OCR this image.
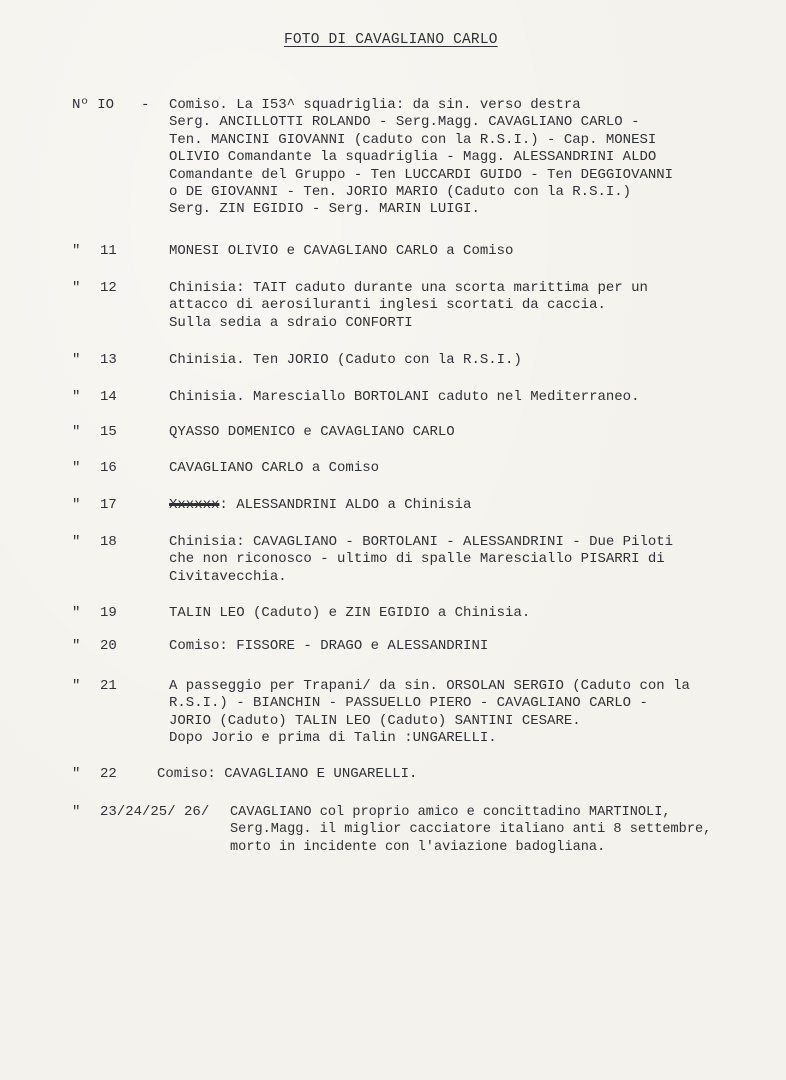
FOTO DI CAVAGLIANO CARLO
Nº IO - Comiso. La I53^ squadriglia: da sin. verso destra
Serg. ANCILLOTTI ROLANDO - Serg.Magg. CAVAGLIANO CARLO -
Ten. MANCINI GIOVANNI (caduto con la R.S.I.) - Cap. MONESI
OLIVIO Comandante la squadriglia - Magg. ALESSANDRINI ALDO
Comandante del Gruppo - Ten LUCCARDI GUIDO - Ten DEGGIOVANNI
o DE GIOVANNI - Ten. JORIO MARIO (Caduto con la R.S.I.)
Serg. ZIN EGIDIO - Serg. MARIN LUIGI.
" 11	MONESI OLIVIO e CAVAGLIANO CARLO a Comiso
" 12	Chinisia: TAIT caduto durante una scorta marittima per un
attacco di aerosiluranti inglesi scortati da caccia.
Sulla sedia a sdraio CONFORTI
" 13	Chinisia. Ten JORIO (Caduto con la R.S.I.)
" 14	Chinisia. Maresciallo BORTOLANI caduto nel Mediterraneo.
" 15	QYASSO DOMENICO e CAVAGLIANO CARLO
" 16	CAVAGLIANO CARLO a Comiso
" 17	Xxxxxx: ALESSANDRINI ALDO a Chinisia
" 18	Chinisia: CAVAGLIANO - BORTOLANI - ALESSANDRINI - Due Piloti
che non riconosco - ultimo di spalle Maresciallo PISARRI di
Civitavecchia.
" 19	TALIN LEO (Caduto) e ZIN EGIDIO a Chinisia.
" 20	Comiso: FISSORE - DRAGO e ALESSANDRINI
" 21	A passeggio per Trapani/ da sin. ORSOLAN SERGIO (Caduto con la
R.S.I.) - BIANCHIN - PASSUELLO PIERO - CAVAGLIANO CARLO -
JORIO (Caduto) TALIN LEO (Caduto) SANTINI CESARE.
Dopo Jorio e prima di Talin :UNGARELLI.
" 22	Comiso: CAVAGLIANO E UNGARELLI.
" 23/24/25/ 26/ CAVAGLIANO col proprio amico e concittadino MARTINOLI,
Serg.Magg. il miglior cacciatore italiano anti 8 settembre,
morto in incidente con l'aviazione badogliana.
